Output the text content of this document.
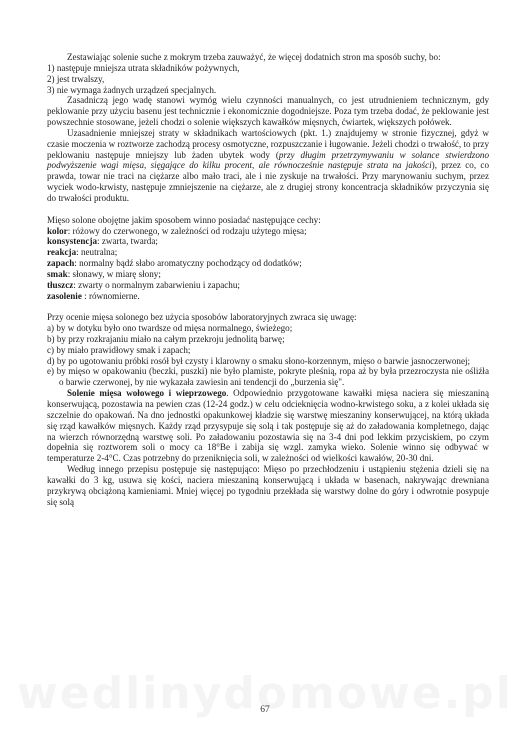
Zestawiając solenie suche z mokrym trzeba zauważyć, że więcej dodatnich stron ma sposób suchy, bo:

1) następuje mniejsza utrata składników pożywnych,

2) jest trwalszy,

3) nie wymaga żadnych urządzeń specjalnych.

Zasadniczą jego wadę stanowi wymóg wielu czynności manualnych, co jest utrudnieniem technicznym, gdy peklowanie przy użyciu basenu jest technicznie i ekonomicznie dogodniejsze. Poza tym trzeba dodać, że peklowanie jest powszechnie stosowane, jeżeli chodzi o solenie większych kawałków mięsnych, ćwiartek, większych połówek.

Uzasadnienie mniejszej straty w składnikach wartościowych (pkt. 1.) znajdujemy w stronie fizycznej, gdyż w czasie moczenia w roztworze zachodzą procesy osmotyczne, rozpuszczanie i ługowanie. Jeżeli chodzi o trwałość, to przy peklowaniu następuje mniejszy lub żaden ubytek wody (przy długim przetrzymywaniu w solance stwierdzono podwyższenie wagi mięsa, sięgające do kilku procent, ale równocześnie następuje strata na jakości), przez co, co prawda, towar nie traci na ciężarze albo mało traci, ale i nie zyskuje na trwałości. Przy marynowaniu suchym, przez wyciek wodo-krwisty, następuje zmniejszenie na ciężarze, ale z drugiej strony koncentracja składników przyczynia się do trwałości produktu.

Mięso solone obojętne jakim sposobem winno posiadać następujące cechy:

kolor: różowy do czerwonego, w zależności od rodzaju użytego mięsa;

konsystencja: zwarta, twarda;

reakcja: neutralna;

zapach: normalny bądź słabo aromatyczny pochodzący od dodatków;

smak: słonawy, w miarę słony;

tłuszcz: zwarty o normalnym zabarwieniu i zapachu;

zasolenie : równomierne.

Przy ocenie mięsa solonego bez użycia sposobów laboratoryjnych zwraca się uwagę:

a) by w dotyku było ono twardsze od mięsa normalnego, świeżego;

b) by przy rozkrajaniu miało na całym przekroju jednolitą barwę;

c) by miało prawidłowy smak i zapach;

d) by po ugotowaniu próbki rosół był czysty i klarowny o smaku słono-korzennym, mięso o barwie jasnoczerwonej;

e) by mięso w opakowaniu (beczki, puszki) nie było plamiste, pokryte pleśnią, ropa aż by była przezroczysta nie ośliźła o barwie czerwonej, by nie wykazała zawiesin ani tendencji do „burzenia się".

Solenie mięsa wołowego i wieprzowego. Odpowiednio przygotowane kawałki mięsa naciera się mieszaniną konserwującą, pozostawia na pewien czas (12-24 godz.) w celu odcieknięcia wodno-krwistego soku, a z kolei układa się szczelnie do opakowań. Na dno jednostki opakunkowej kładzie się warstwę mieszaniny konserwującej, na którą układa się rząd kawałków mięsnych. Każdy rząd przysypuje się solą i tak postępuje się aż do załadowania kompletnego, dając na wierzch równorzędną warstwę soli. Po załadowaniu pozostawia się na 3-4 dni pod lekkim przyciskiem, po czym dopełnia się roztworem soli o mocy ca 18°Be i zabija się wzgl. zamyka wieko. Solenie winno się odbywać w temperaturze 2-4°C. Czas potrzebny do przeniknięcia soli, w zależności od wielkości kawałów, 20-30 dni.

Według innego przepisu postępuje się następująco: Mięso po przechłodzeniu i ustąpieniu stężenia dzieli się na kawałki do 3 kg, usuwa się kości, naciera mieszaniną konserwującą i układa w basenach, nakrywając drewniana przykrywą obciążoną kamieniami. Mniej więcej po tygodniu przekłada się warstwy dolne do góry i odwrotnie posypuje się solą

67
